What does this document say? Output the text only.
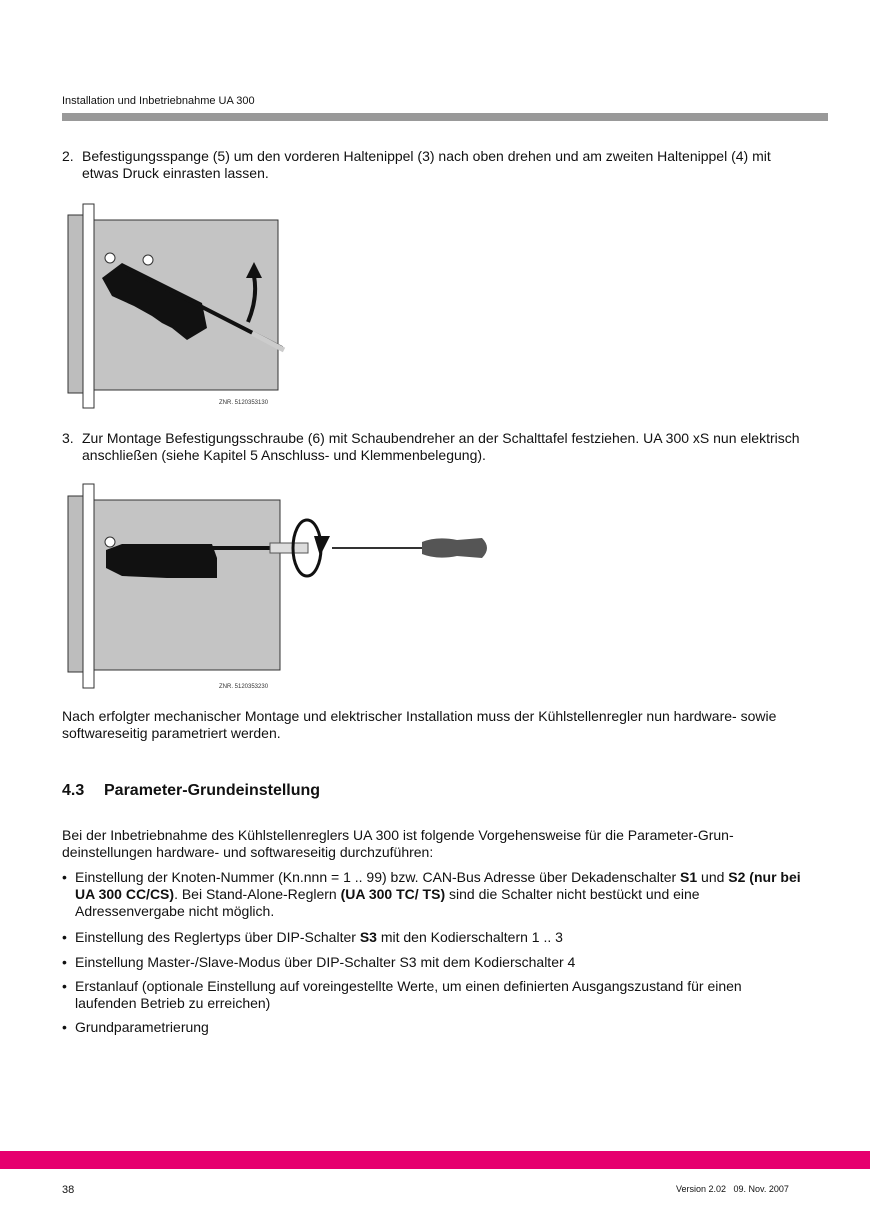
Installation und Inbetriebnahme UA 300
2. Befestigungsspange (5) um den vorderen Haltenippel (3) nach oben drehen und am zweiten Haltenippel (4) mit etwas Druck einrasten lassen.
ZNR. 5120353130
3. Zur Montage Befestigungsschraube (6) mit Schaubendreher an der Schalttafel festziehen. UA 300 xS nun elektrisch anschließen (siehe Kapitel 5 Anschluss- und Klemmenbelegung).
ZNR. 5120353230
Nach erfolgter mechanischer Montage und elektrischer Installation muss der Kühlstellenregler nun hardware- sowie softwareseitig parametriert werden.
4.3 Parameter-Grundeinstellung
Bei der Inbetriebnahme des Kühlstellenreglers UA 300 ist folgende Vorgehensweise für die Parameter-Grun- deinstellungen hardware- und softwareseitig durchzuführen:
• Einstellung der Knoten-Nummer (Kn.nnn = 1 .. 99) bzw. CAN-Bus Adresse über Dekadenschalter S1 und S2 (nur bei UA 300 CC/CS). Bei Stand-Alone-Reglern (UA 300 TC/ TS) sind die Schalter nicht bestückt und eine Adressenvergabe nicht möglich.
• Einstellung des Reglertyps über DIP-Schalter S3 mit den Kodierschaltern 1 .. 3
• Einstellung Master-/Slave-Modus über DIP-Schalter S3 mit dem Kodierschalter 4
• Erstanlauf (optionale Einstellung auf voreingestellte Werte, um einen definierten Ausgangszustand für einen laufenden Betrieb zu erreichen)
• Grundparametrierung
38	Version 2.02   09. Nov. 2007
